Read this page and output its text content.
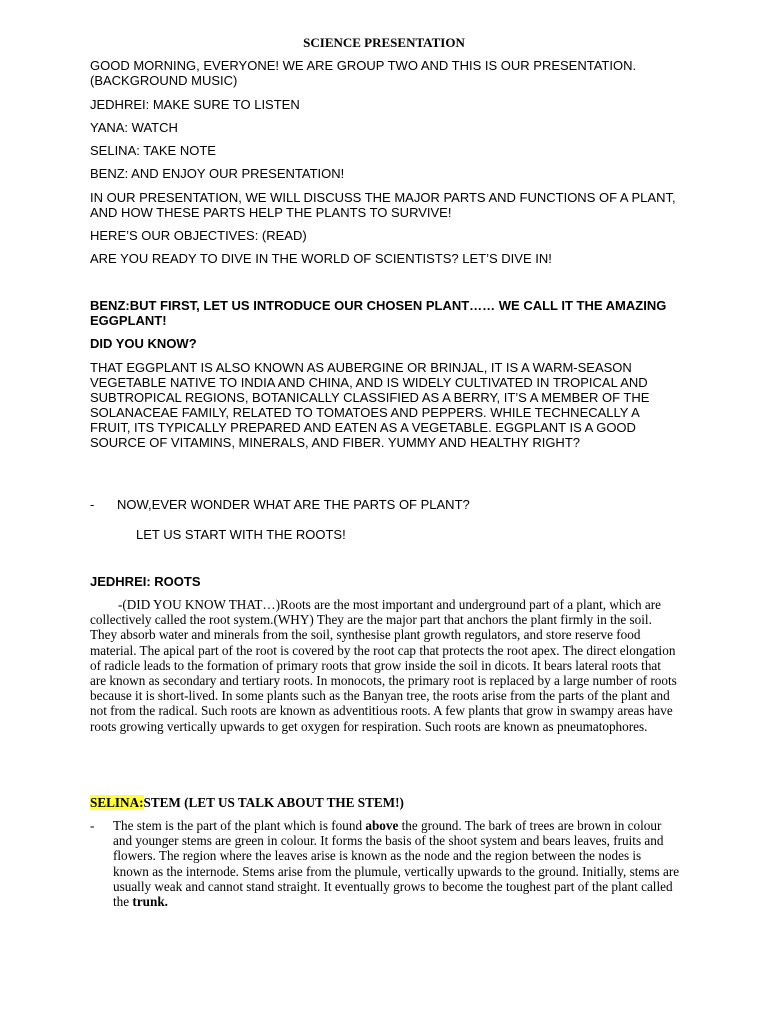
SCIENCE PRESENTATION

GOOD MORNING, EVERYONE! WE ARE GROUP TWO AND THIS IS OUR PRESENTATION. (BACKGROUND MUSIC)

JEDHREI: MAKE SURE TO LISTEN

YANA: WATCH

SELINA: TAKE NOTE

BENZ: AND ENJOY OUR PRESENTATION!

IN OUR PRESENTATION, WE WILL DISCUSS THE MAJOR PARTS AND FUNCTIONS OF A PLANT, AND HOW THESE PARTS HELP THE PLANTS TO SURVIVE!

HERE’S OUR OBJECTIVES: (READ)

ARE YOU READY TO DIVE IN THE WORLD OF SCIENTISTS? LET’S DIVE IN!

BENZ:BUT FIRST, LET US INTRODUCE OUR CHOSEN PLANT…… WE CALL IT THE AMAZING EGGPLANT!

DID YOU KNOW?

THAT EGGPLANT IS ALSO KNOWN AS AUBERGINE OR BRINJAL, IT IS A WARM-SEASON VEGETABLE NATIVE TO INDIA AND CHINA, AND IS WIDELY CULTIVATED IN TROPICAL AND SUBTROPICAL REGIONS, BOTANICALLY CLASSIFIED AS A BERRY, IT’S A MEMBER OF THE SOLANACEAE FAMILY, RELATED TO TOMATOES AND PEPPERS. WHILE TECHNECALLY A FRUIT, ITS TYPICALLY PREPARED AND EATEN AS A VEGETABLE. EGGPLANT IS A GOOD SOURCE OF VITAMINS, MINERALS, AND FIBER. YUMMY AND HEALTHY RIGHT?

- NOW,EVER WONDER WHAT ARE THE PARTS OF PLANT?

LET US START WITH THE ROOTS!

JEDHREI: ROOTS

-(DID YOU KNOW THAT…)Roots are the most important and underground part of a plant, which are collectively called the root system.(WHY) They are the major part that anchors the plant firmly in the soil. They absorb water and minerals from the soil, synthesise plant growth regulators, and store reserve food material. The apical part of the root is covered by the root cap that protects the root apex. The direct elongation of radicle leads to the formation of primary roots that grow inside the soil in dicots. It bears lateral roots that are known as secondary and tertiary roots. In monocots, the primary root is replaced by a large number of roots because it is short-lived. In some plants such as the Banyan tree, the roots arise from the parts of the plant and not from the radical. Such roots are known as adventitious roots. A few plants that grow in swampy areas have roots growing vertically upwards to get oxygen for respiration. Such roots are known as pneumatophores.

SELINA:STEM (LET US TALK ABOUT THE STEM!)

- The stem is the part of the plant which is found above the ground. The bark of trees are brown in colour and younger stems are green in colour. It forms the basis of the shoot system and bears leaves, fruits and flowers. The region where the leaves arise is known as the node and the region between the nodes is known as the internode. Stems arise from the plumule, vertically upwards to the ground. Initially, stems are usually weak and cannot stand straight. It eventually grows to become the toughest part of the plant called the trunk.
